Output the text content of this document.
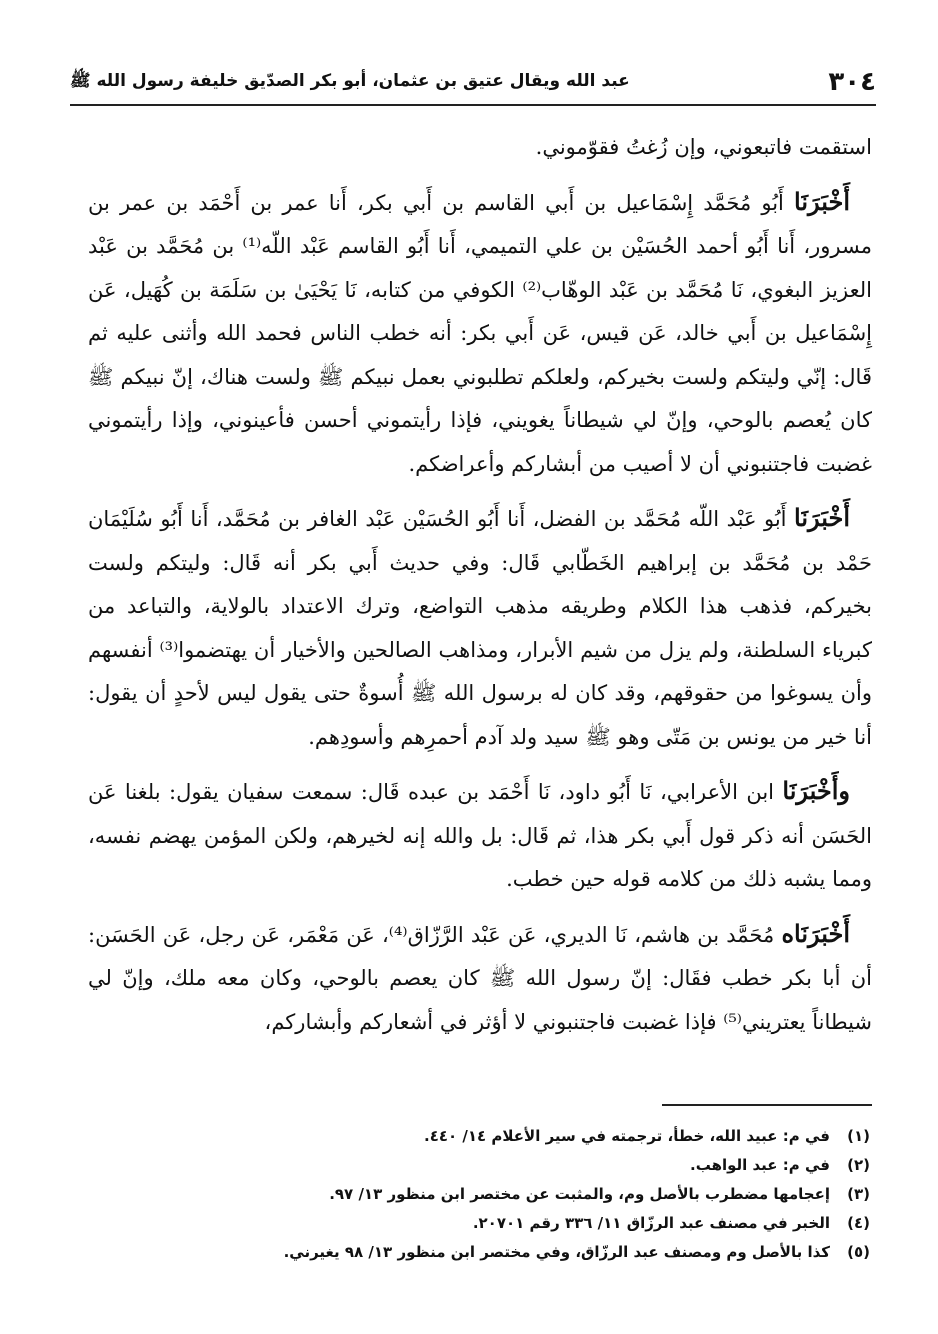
٣٠٤
عبد الله ويقال عتيق بن عثمان، أبو بكر الصدّيق خليفة رسول الله ﷺ

استقمت فاتبعوني، وإن زُغتُ فقوّموني.

أَخْبَرَنَا أَبُو مُحَمَّد إِسْمَاعيل بن أَبي القاسم بن أَبي بكر، أَنا عمر بن أَحْمَد بن عمر بن مسرور، أَنا أَبُو أحمد الحُسَيْن بن علي التميمي، أَنا أَبُو القاسم عَبْد اللّه⁽¹⁾ بن مُحَمَّد بن عَبْد العزيز البغوي، نَا مُحَمَّد بن عَبْد الوهّاب⁽²⁾ الكوفي من كتابه، نَا يَحْيَىٰ بن سَلَمَة بن كُهَيل، عَن إِسْمَاعيل بن أَبي خالد، عَن قيس، عَن أَبي بكر: أنه خطب الناس فحمد الله وأثنى عليه ثم قَال: إنّي وليتكم ولست بخيركم، ولعلكم تطلبوني بعمل نبيكم ﷺ ولست هناك، إنّ نبيكم ﷺ كان يُعصم بالوحي، وإنّ لي شيطاناً يغويني، فإذا رأيتموني أحسن فأعينوني، وإذا رأيتموني غضبت فاجتنبوني أن لا أصيب من أبشاركم وأعراضكم.

أَخْبَرَنَا أَبُو عَبْد اللّه مُحَمَّد بن الفضل، أَنا أَبُو الحُسَيْن عَبْد الغافر بن مُحَمَّد، أَنا أَبُو سُلَيْمَان حَمْد بن مُحَمَّد بن إبراهيم الخَطّابي قَال: وفي حديث أَبي بكر أنه قَال: وليتكم ولست بخيركم، فذهب هذا الكلام وطريقه مذهب التواضع، وترك الاعتداد بالولاية، والتباعد من كبرياء السلطنة، ولم يزل من شيم الأبرار، ومذاهب الصالحين والأخيار أن يهتضموا⁽³⁾ أنفسهم وأن يسوغوا من حقوقهم، وقد كان له برسول الله ﷺ أُسوةٌ حتى يقول ليس لأحدٍ أن يقول: أنا خير من يونس بن مَتّى وهو ﷺ سيد ولد آدم أحمرِهم وأسودِهم.

وأَخْبَرَنَا ابن الأعرابي، نَا أَبُو داود، نَا أَحْمَد بن عبده قَال: سمعت سفيان يقول: بلغنا عَن الحَسَن أنه ذكر قول أَبي بكر هذا، ثم قَال: بل والله إنه لخيرهم، ولكن المؤمن يهضم نفسه، ومما يشبه ذلك من كلامه قوله حين خطب.

أَخْبَرَنَاه مُحَمَّد بن هاشم، نَا الديري، عَن عَبْد الرَّزّاق⁽⁴⁾، عَن مَعْمَر، عَن رجل، عَن الحَسَن: أن أبا بكر خطب فقَال: إنّ رسول الله ﷺ كان يعصم بالوحي، وكان معه ملك، وإنّ لي شيطاناً يعتريني⁽⁵⁾ فإذا غضبت فاجتنبوني لا أؤثر في أشعاركم وأبشاركم،

(١)
في م: عبيد الله، خطأ، ترجمته في سير الأعلام ١٤/ ٤٤٠.
(٢)
في م: عبد الواهب.
(٣)
إعجامها مضطرب بالأصل وم، والمثبت عن مختصر ابن منظور ١٣/ ٩٧.
(٤)
الخبر في مصنف عبد الرزّاق ١١/ ٣٣٦ رقم ٢٠٧٠١.
(٥)
كذا بالأصل وم ومصنف عبد الرزّاق، وفي مختصر ابن منظور ١٣/ ٩٨ يغيرني.
